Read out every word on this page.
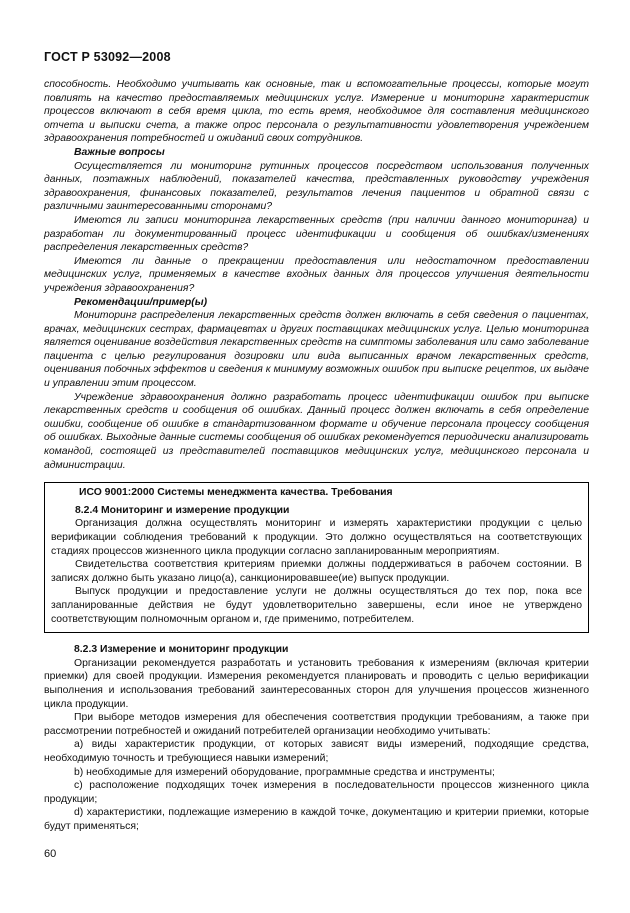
ГОСТ Р 53092—2008

способность. Необходимо учитывать как основные, так и вспомогательные процессы, которые могут повлиять на качество предоставляемых медицинских услуг. Измерение и мониторинг характеристик процессов включают в себя время цикла, то есть время, необходимое для составления медицинского отчета и выписки счета, а также опрос персонала о результативности удовлетворения учреждением здравоохранения потребностей и ожиданий своих сотрудников.

Важные вопросы

Осуществляется ли мониторинг рутинных процессов посредством использования полученных данных, поэтажных наблюдений, показателей качества, представленных руководству учреждения здравоохранения, финансовых показателей, результатов лечения пациентов и обратной связи с различными заинтересованными сторонами?

Имеются ли записи мониторинга лекарственных средств (при наличии данного мониторинга) и разработан ли документированный процесс идентификации и сообщения об ошибках/изменениях распределения лекарственных средств?

Имеются ли данные о прекращении предоставления или недостаточном предоставлении медицинских услуг, применяемых в качестве входных данных для процессов улучшения деятельности учреждения здравоохранения?

Рекомендации/пример(ы)

Мониторинг распределения лекарственных средств должен включать в себя сведения о пациентах, врачах, медицинских сестрах, фармацевтах и других поставщиках медицинских услуг. Целью мониторинга является оценивание воздействия лекарственных средств на симптомы заболевания или само заболевание пациента с целью регулирования дозировки или вида выписанных врачом лекарственных средств, оценивания побочных эффектов и сведения к минимуму возможных ошибок при выписке рецептов, их выдаче и управлении этим процессом.

Учреждение здравоохранения должно разработать процесс идентификации ошибок при выписке лекарственных средств и сообщения об ошибках. Данный процесс должен включать в себя определение ошибки, сообщение об ошибке в стандартизованном формате и обучение персонала процессу сообщения об ошибках. Выходные данные системы сообщения об ошибках рекомендуется периодически анализировать командой, состоящей из представителей поставщиков медицинских услуг, медицинского персонала и администрации.

ИСО 9001:2000 Системы менеджмента качества. Требования
8.2.4 Мониторинг и измерение продукции

Организация должна осуществлять мониторинг и измерять характеристики продукции с целью верификации соблюдения требований к продукции. Это должно осуществляться на соответствующих стадиях процессов жизненного цикла продукции согласно запланированным мероприятиям.

Свидетельства соответствия критериям приемки должны поддерживаться в рабочем состоянии. В записях должно быть указано лицо(а), санкционировавшее(ие) выпуск продукции.

Выпуск продукции и предоставление услуги не должны осуществляться до тех пор, пока все запланированные действия не будут удовлетворительно завершены, если иное не утверждено соответствующим полномочным органом и, где применимо, потребителем.

8.2.3 Измерение и мониторинг продукции

Организации рекомендуется разработать и установить требования к измерениям (включая критерии приемки) для своей продукции. Измерения рекомендуется планировать и проводить с целью верификации выполнения и использования требований заинтересованных сторон для улучшения процессов жизненного цикла продукции.

При выборе методов измерения для обеспечения соответствия продукции требованиям, а также при рассмотрении потребностей и ожиданий потребителей организации необходимо учитывать:

a) виды характеристик продукции, от которых зависят виды измерений, подходящие средства, необходимую точность и требующиеся навыки измерений;

b) необходимые для измерений оборудование, программные средства и инструменты;

c) расположение подходящих точек измерения в последовательности процессов жизненного цикла продукции;

d) характеристики, подлежащие измерению в каждой точке, документацию и критерии приемки, которые будут применяться;

60
